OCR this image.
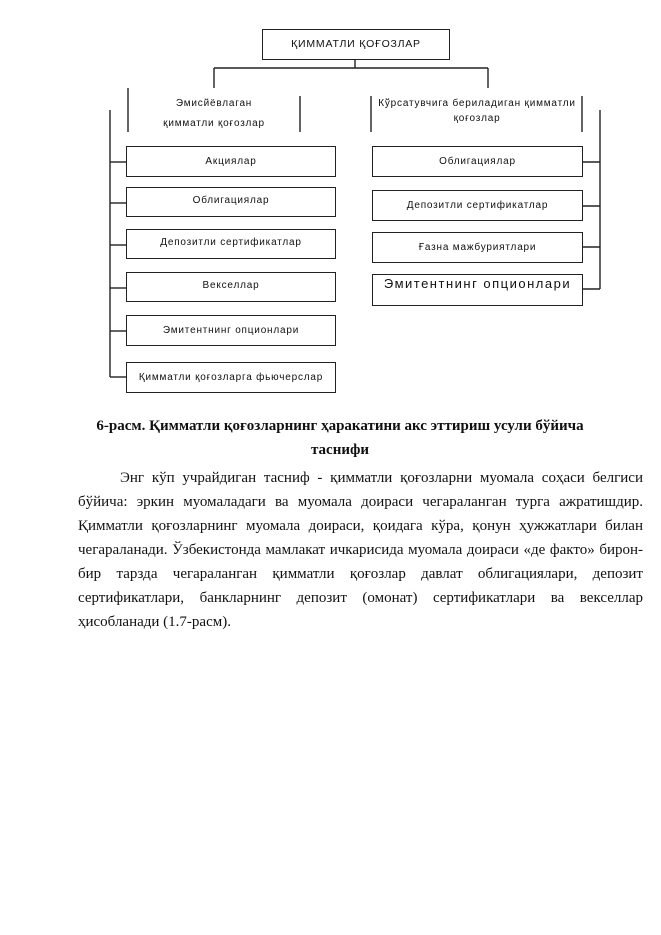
ҚИММАТЛИ ҚОҒОЗЛАР
Эмисйёвлаган
қимматли қоғозлар
Кўрсатувчига бериладиган қимматли
қоғозлар
Акциялар
Облигациялар
Депозитли сертификатлар
Векселлар
Эмитентнинг опционлари
Қимматли қоғозларга фьючерслар
Облигациялар
Депозитли сертификатлар
Ғазна мажбуриятлари
Эмитентнинг опционлари
6-расм. Қимматли қоғозларнинг ҳаракатини акс эттириш усули бўйича
таснифи

Энг кўп учрайдиган тасниф - қимматли қоғозларни муомала соҳаси белгиси бўйича: эркин муомаладаги ва муомала доираси чегараланган турга ажратишдир. Қимматли қоғозларнинг муомала доираси, қоидага кўра, қонун ҳужжатлари билан чегараланади. Ўзбекистонда мамлакат ичкарисида муомала доираси «де факто» бирон-бир тарзда чегараланган қимматли қоғозлар давлат облигациялари, депозит сертификатлари, банкларнинг депозит (омонат) сертификатлари ва векселлар ҳисобланади (1.7-расм).
